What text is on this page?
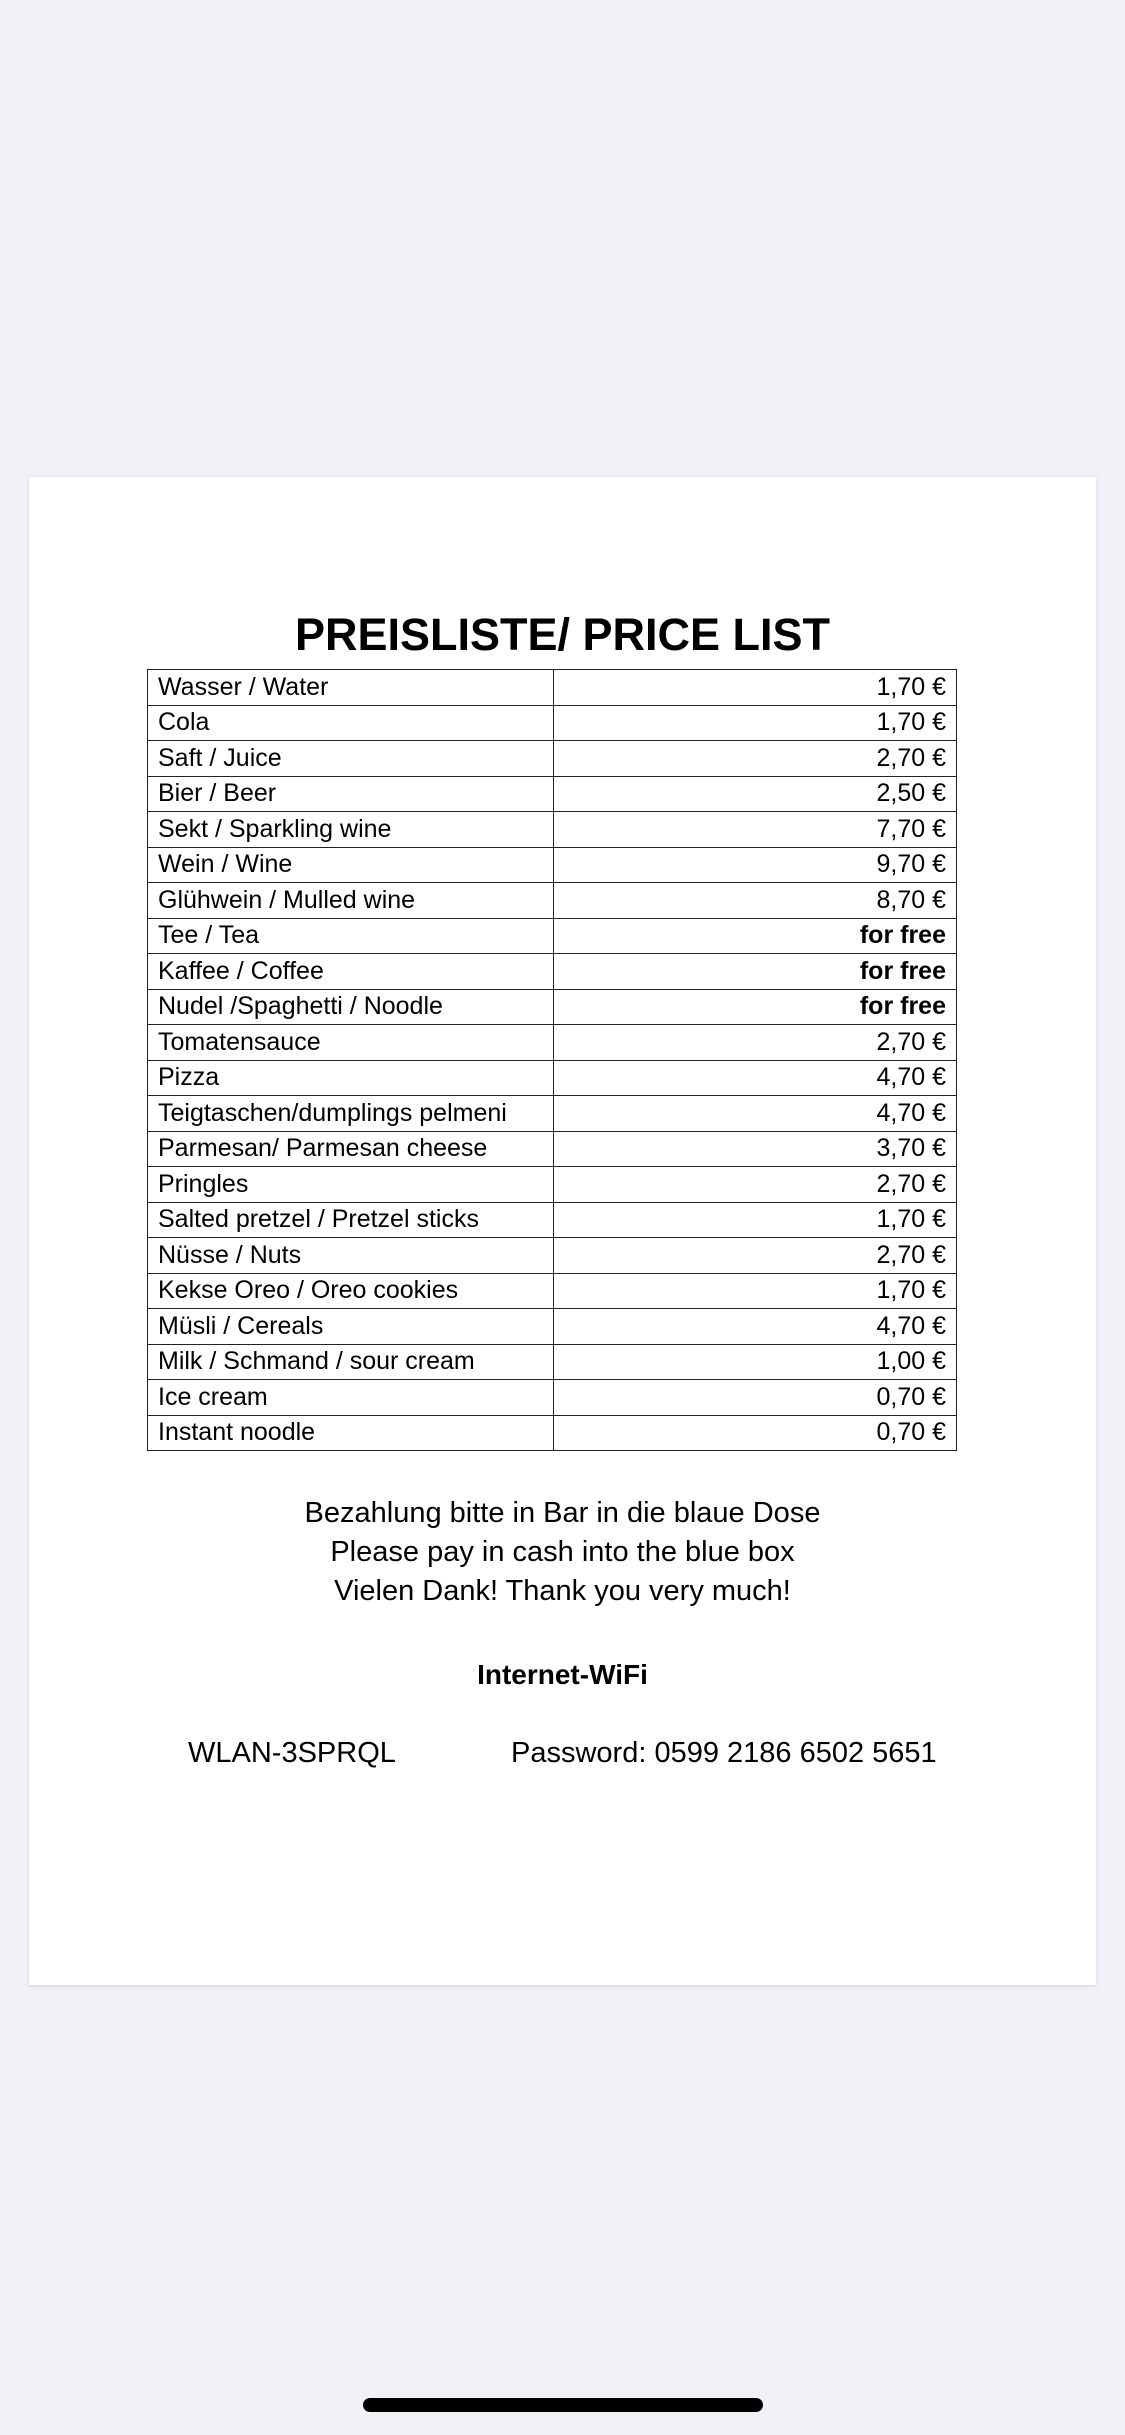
PREISLISTE/ PRICE LIST
Wasser / Water	1,70 €
Cola	1,70 €
Saft / Juice	2,70 €
Bier / Beer	2,50 €
Sekt / Sparkling wine	7,70 €
Wein / Wine	9,70 €
Glühwein / Mulled wine	8,70 €
Tee / Tea	for free
Kaffee / Coffee	for free
Nudel /Spaghetti / Noodle	for free
Tomatensauce	2,70 €
Pizza	4,70 €
Teigtaschen/dumplings pelmeni	4,70 €
Parmesan/ Parmesan cheese	3,70 €
Pringles	2,70 €
Salted pretzel / Pretzel sticks	1,70 €
Nüsse / Nuts	2,70 €
Kekse Oreo / Oreo cookies	1,70 €
Müsli / Cereals	4,70 €
Milk / Schmand / sour cream	1,00 €
Ice cream	0,70 €
Instant noodle	0,70 €

Bezahlung bitte in Bar in die blaue Dose

Please pay in cash into the blue box

Vielen Dank! Thank you very much!

Internet-WiFi
WLAN-3SPRQL	Password: 0599 2186 6502 5651
